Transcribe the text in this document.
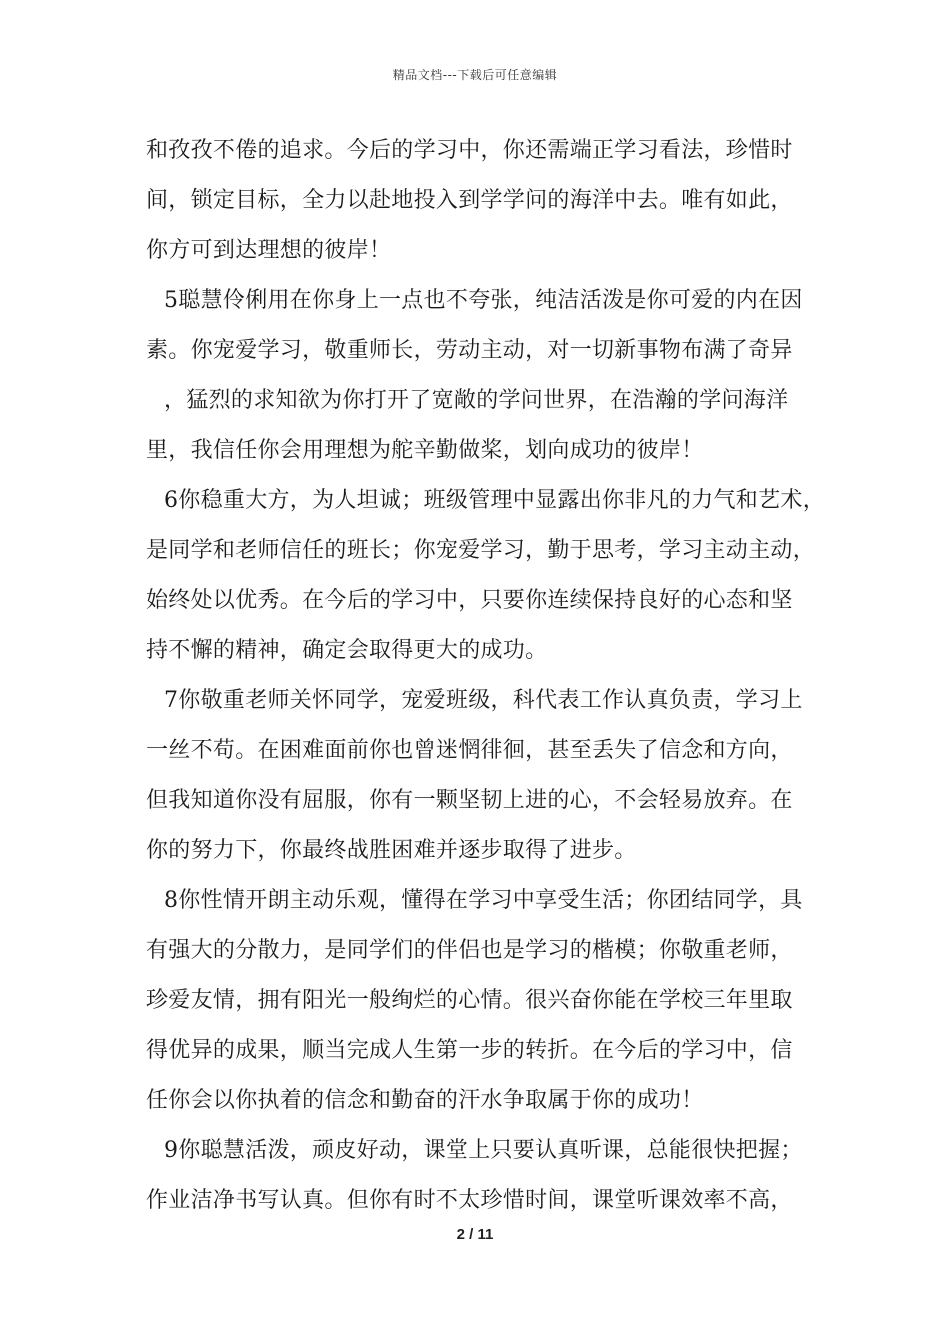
精品文档---下载后可任意编辑
和孜孜不倦的追求。今后的学习中，你还需端正学习看法，珍惜时
间，锁定目标，全力以赴地投入到学学问的海洋中去。唯有如此，
你方可到达理想的彼岸！
5聪慧伶俐用在你身上一点也不夸张，纯洁活泼是你可爱的内在因
素。你宠爱学习，敬重师长，劳动主动，对一切新事物布满了奇异
，猛烈的求知欲为你打开了宽敞的学问世界，在浩瀚的学问海洋
里，我信任你会用理想为舵辛勤做桨，划向成功的彼岸！
6你稳重大方，为人坦诚；班级管理中显露出你非凡的力气和艺术，
是同学和老师信任的班长；你宠爱学习，勤于思考，学习主动主动，
始终处以优秀。在今后的学习中，只要你连续保持良好的心态和坚
持不懈的精神，确定会取得更大的成功。
7你敬重老师关怀同学，宠爱班级，科代表工作认真负责，学习上
一丝不苟。在困难面前你也曾迷惘徘徊，甚至丢失了信念和方向，
但我知道你没有屈服，你有一颗坚韧上进的心，不会轻易放弃。在
你的努力下，你最终战胜困难并逐步取得了进步。
8你性情开朗主动乐观，懂得在学习中享受生活；你团结同学，具
有强大的分散力，是同学们的伴侣也是学习的楷模；你敬重老师，
珍爱友情，拥有阳光一般绚烂的心情。很兴奋你能在学校三年里取
得优异的成果，顺当完成人生第一步的转折。在今后的学习中，信
任你会以你执着的信念和勤奋的汗水争取属于你的成功！
9你聪慧活泼，顽皮好动，课堂上只要认真听课，总能很快把握；
作业洁净书写认真。但你有时不太珍惜时间，课堂听课效率不高，
2 / 11
